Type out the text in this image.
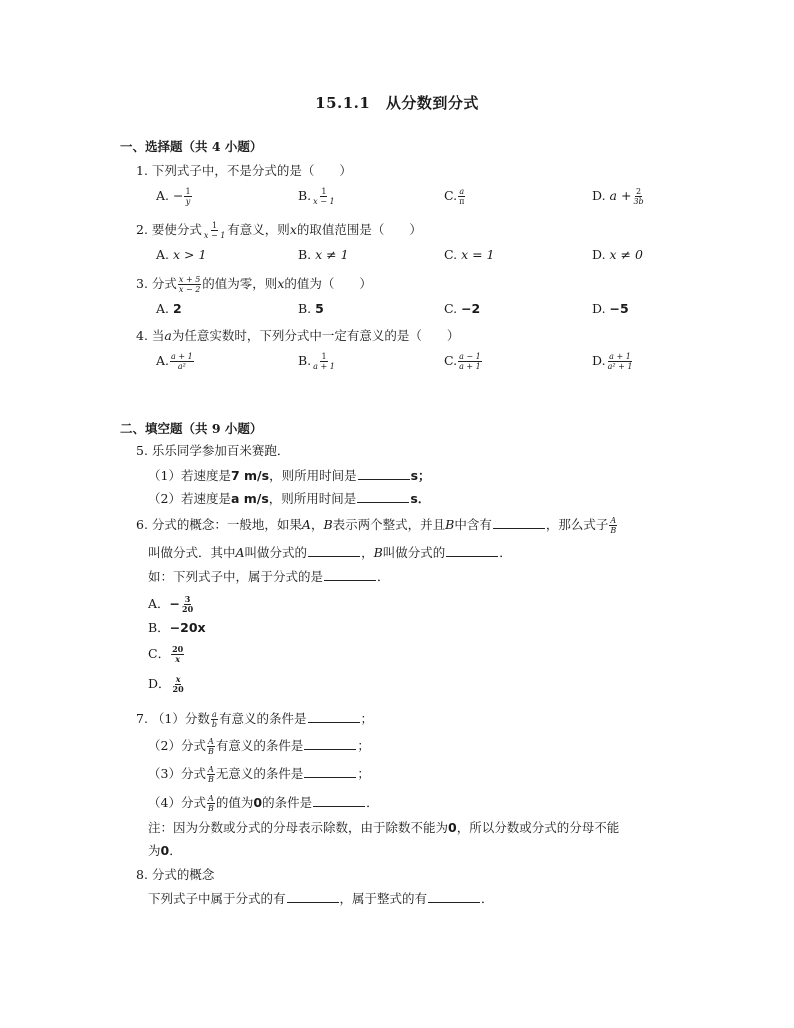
15.1.1　从分数到分式
一、选择题（共 4 小题）
1. 下列式子中，不是分式的是（　　）
A. − $\frac{1}{y}$	B. $\frac{1}{x - 1}$	C. $\frac{a}{\pi}$	D. $a + \frac{2}{3b}$
2. 要使分式 $\frac{1}{x - 1}$ 有意义，则x的取值范围是（　　）
A. x > 1	B. x ≠ 1	C. x = 1	D. x ≠ 0
3. 分式 $\frac{x + 5}{x - 2}$ 的值为零，则x的值为（　　）
A. 2	B. 5	C. −2	D. −5
4. 当a为任意实数时，下列分式中一定有意义的是（　　）
A. $\frac{a + 1}{\text{a²}}$	B. $\frac{1}{a + 1}$	C. $\frac{a - 1}{a + 1}$	D. $\frac{a + 1}{\text{a² + 1}}$
二、填空题（共 9 小题）
5. 乐乐同学参加百米赛跑．
（1）若速度是7 m/s，则所用时间是	s；
（2）若速度是a m/s，则所用时间是	s．
6. 分式的概念：一般地，如果A，B表示两个整式，并且B中含有	，那么式子 $\frac{A}{B}$
叫做分式．其中A叫做分式的	，B叫做分式的	．
如：下列式子中，属于分式的是	．
A．− $\frac{3}{20}$
B．−20x
C． $\frac{20}{x}$
D． $\frac{x}{20}$
7. （1）分数 $\frac{a}{b}$ 有意义的条件是	；
（2）分式 $\frac{A}{B}$ 有意义的条件是	；
（3）分式 $\frac{A}{B}$ 无意义的条件是	；
（4）分式 $\frac{A}{B}$ 的值为0的条件是	．
注：因为分数或分式的分母表示除数，由于除数不能为0，所以分数或分式的分母不能
为0．
8. 分式的概念
下列式子中属于分式的有	，属于整式的有	．
